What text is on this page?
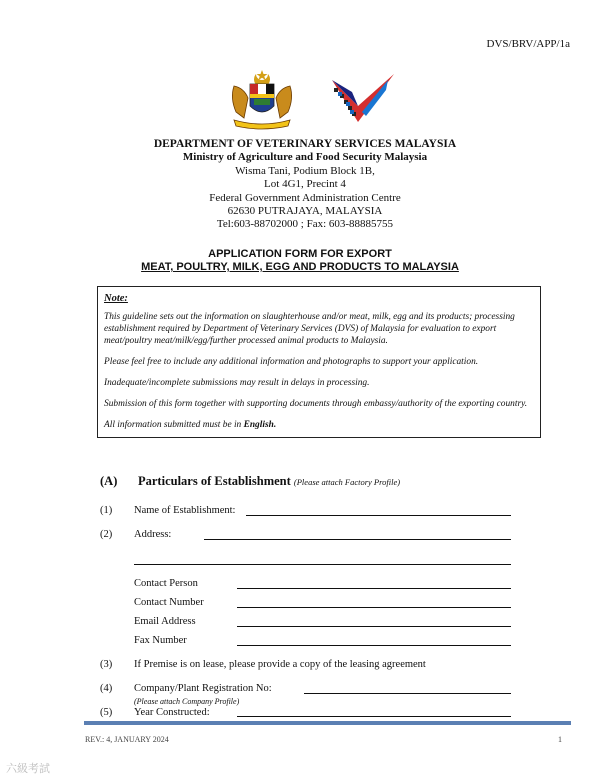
DVS/BRV/APP/1a
DEPARTMENT OF VETERINARY SERVICES MALAYSIA
Ministry of Agriculture and Food Security Malaysia
Wisma Tani, Podium Block 1B,
Lot 4G1, Precint 4
Federal Government Administration Centre
62630 PUTRAJAYA, MALAYSIA
Tel:603-88702000 ; Fax: 603-88885755
APPLICATION FORM FOR EXPORT
MEAT, POULTRY, MILK, EGG AND PRODUCTS TO MALAYSIA
Note:

This guideline sets out the information on slaughterhouse and/or meat, milk, egg and its products; processing establishment required by Department of Veterinary Services (DVS) of Malaysia for evaluation to export meat/poultry meat/milk/egg/further processed animal products to Malaysia.

Please feel free to include any additional information and photographs to support your application.

Inadequate/incomplete submissions may result in delays in processing.

Submission of this form together with supporting documents through embassy/authority of the exporting country.

All information submitted must be in English.

(A) Particulars of Establishment (Please attach Factory Profile)
(1) Name of Establishment:
(2) Address:
Contact Person
Contact Number
Email Address
Fax Number
(3) If Premise is on lease, please provide a copy of the leasing agreement
(4) Company/Plant Registration No:
(Please attach Company Profile)
(5) Year Constructed:
REV.: 4, JANUARY 2024	1
六級考試
